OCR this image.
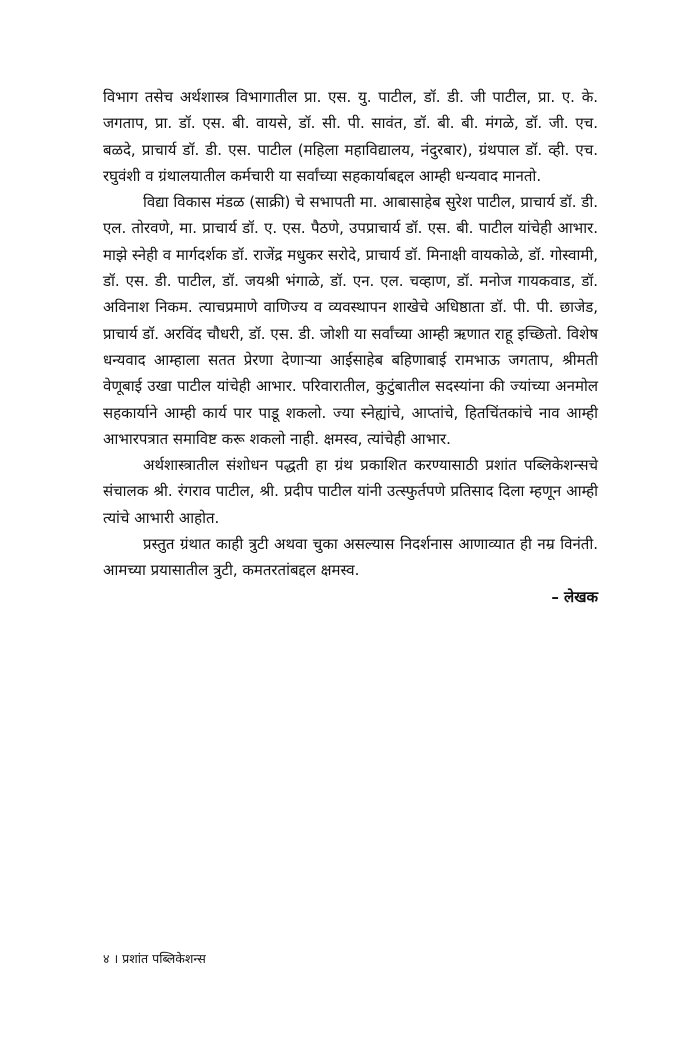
विभाग तसेच अर्थशास्त्र विभागातील प्रा. एस. यु. पाटील, डॉ. डी. जी पाटील, प्रा. ए. के. जगताप, प्रा. डॉ. एस. बी. वायसे, डॉ. सी. पी. सावंत, डॉ. बी. बी. मंगळे, डॉ. जी. एच. बळदे, प्राचार्य डॉ. डी. एस. पाटील (महिला महाविद्यालय, नंदुरबार), ग्रंथपाल डॉ. व्ही. एच. रघुवंशी व ग्रंथालयातील कर्मचारी या सर्वांच्या सहकार्याबद्दल आम्ही धन्यवाद मानतो.

विद्या विकास मंडळ (साक्री) चे सभापती मा. आबासाहेब सुरेश पाटील, प्राचार्य डॉ. डी. एल. तोरवणे, मा. प्राचार्य डॉ. ए. एस. पैठणे, उपप्राचार्य डॉ. एस. बी. पाटील यांचेही आभार. माझे स्नेही व मार्गदर्शक डॉ. राजेंद्र मधुकर सरोदे, प्राचार्य डॉ. मिनाक्षी वायकोळे, डॉ. गोस्वामी, डॉ. एस. डी. पाटील, डॉ. जयश्री भंगाळे, डॉ. एन. एल. चव्हाण, डॉ. मनोज गायकवाड, डॉ. अविनाश निकम. त्याचप्रमाणे वाणिज्य व व्यवस्थापन शाखेचे अधिष्ठाता डॉ. पी. पी. छाजेड, प्राचार्य डॉ. अरविंद चौधरी, डॉ. एस. डी. जोशी या सर्वांच्या आम्ही ऋणात राहू इच्छितो. विशेष धन्यवाद आम्हाला सतत प्रेरणा देणाऱ्या आईसाहेब बहिणाबाई रामभाऊ जगताप, श्रीमती वेणूबाई उखा पाटील यांचेही आभार. परिवारातील, कुटुंबातील सदस्यांना की ज्यांच्या अनमोल सहकार्याने आम्ही कार्य पार पाडू शकलो. ज्या स्नेह्यांचे, आप्तांचे, हितचिंतकांचे नाव आम्ही आभारपत्रात समाविष्ट करू शकलो नाही. क्षमस्व, त्यांचेही आभार.

अर्थशास्त्रातील संशोधन पद्धती हा ग्रंथ प्रकाशित करण्यासाठी प्रशांत पब्लिकेशन्सचे संचालक श्री. रंगराव पाटील, श्री. प्रदीप पाटील यांनी उत्स्फुर्तपणे प्रतिसाद दिला म्हणून आम्ही त्यांचे आभारी आहोत.

प्रस्तुत ग्रंथात काही त्रुटी अथवा चुका असल्यास निदर्शनास आणाव्यात ही नम्र विनंती. आमच्या प्रयासातील त्रुटी, कमतरतांबद्दल क्षमस्व.

– लेखक

४ । प्रशांत पब्लिकेशन्स
